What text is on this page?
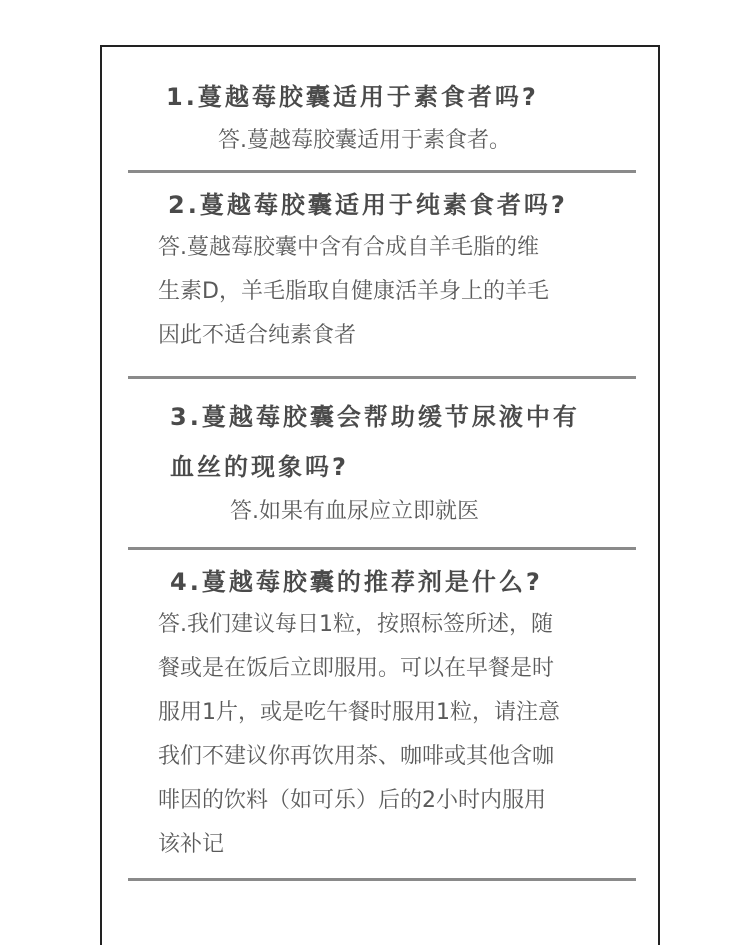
1.蔓越莓胶囊适用于素食者吗?
答.蔓越莓胶囊适用于素食者。
2.蔓越莓胶囊适用于纯素食者吗?
答.蔓越莓胶囊中含有合成自羊毛脂的维
生素D，羊毛脂取自健康活羊身上的羊毛
因此不适合纯素食者
3.蔓越莓胶囊会帮助缓节尿液中有
血丝的现象吗?
答.如果有血尿应立即就医
4.蔓越莓胶囊的推荐剂是什么?
答.我们建议每日1粒，按照标签所述，随
餐或是在饭后立即服用。可以在早餐是时
服用1片，或是吃午餐时服用1粒，请注意
我们不建议你再饮用茶、咖啡或其他含咖
啡因的饮料（如可乐）后的2小时内服用
该补记
